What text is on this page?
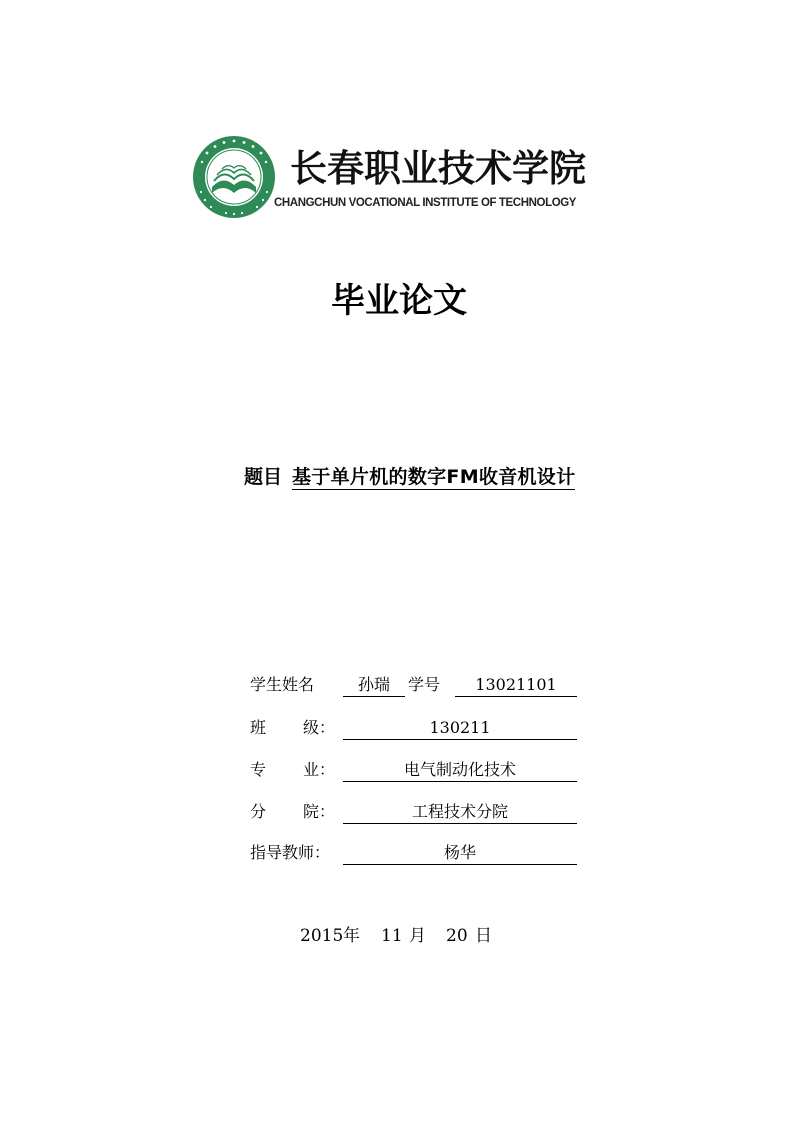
长春职业技术学院
CHANGCHUN VOCATIONAL INSTITUTE OF TECHNOLOGY
毕业论文
题目 基于单片机的数字FM收音机设计
学生姓名	孙瑞	学号	13021101
班 级：	130211
专 业：	电气制动化技术
分 院：	工程技术分院
指导教师：	杨华
2015 年 11 月 20 日
